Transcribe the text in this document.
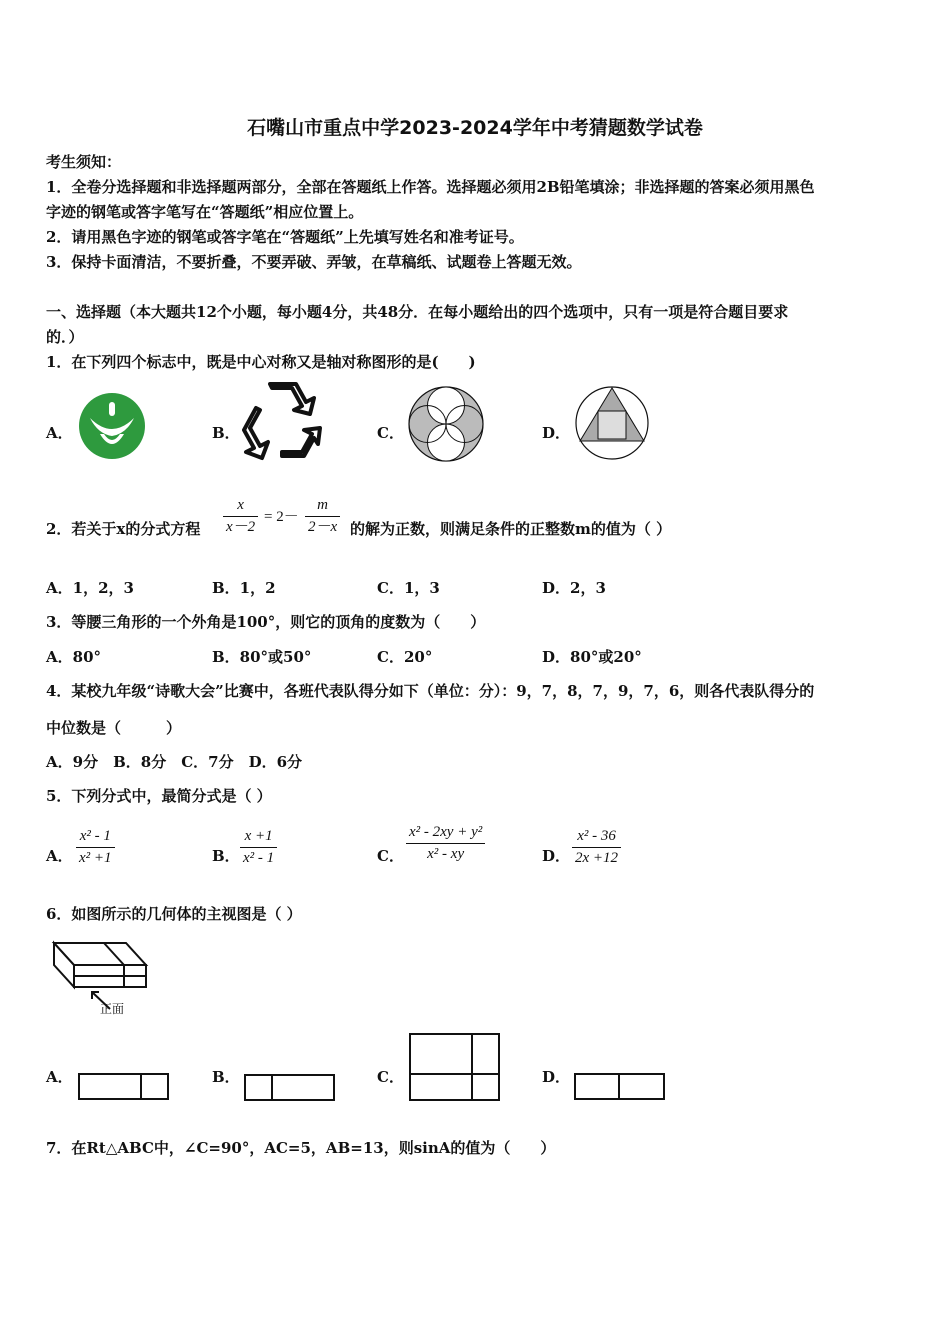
石嘴山市重点中学2023-2024学年中考猜题数学试卷
考生须知：
1．全卷分选择题和非选择题两部分，全部在答题纸上作答。选择题必须用2B铅笔填涂；非选择题的答案必须用黑色
字迹的钢笔或答字笔写在“答题纸”相应位置上。
2．请用黑色字迹的钢笔或答字笔在“答题纸”上先填写姓名和准考证号。
3．保持卡面清洁，不要折叠，不要弄破、弄皱，在草稿纸、试题卷上答题无效。
一、选择题（本大题共12个小题，每小题4分，共48分．在每小题给出的四个选项中，只有一项是符合题目要求
的．）
1．在下列四个标志中，既是中心对称又是轴对称图形的是(　　)
A．	B．	C．	D．
2．若关于x的分式方程 $\frac{x}{x-2} = 2- \frac{m}{2-x}$ 的解为正数，则满足条件的正整数m的值为（ ）
A．1，2，3	B．1，2	C．1，3	D．2，3
3．等腰三角形的一个外角是100°，则它的顶角的度数为（　　）
A．80°	B．80°或50°	C．20°	D．80°或20°
4．某校九年级“诗歌大会”比赛中，各班代表队得分如下（单位：分）：9，7，8，7，9，7，6，则各代表队得分的
中位数是（　　　）
A．9分　B．8分　C．7分　D．6分
5．下列分式中，最简分式是（ ）
A． $\frac{\text{x² - 1}}{\text{x² +1}}$	B． $\frac{x +1}{\text{x² - 1}}$	C． $\frac{\text{x² - 2xy + y²}}{\text{x² - xy}}$	D． $\frac{\text{x² - 36}}{2x +12}$
6．如图所示的几何体的主视图是（ ）
正面
A．	B．	C．	D．
7．在Rt△ABC中，∠C=90°，AC=5，AB=13，则sinA的值为（　　）
